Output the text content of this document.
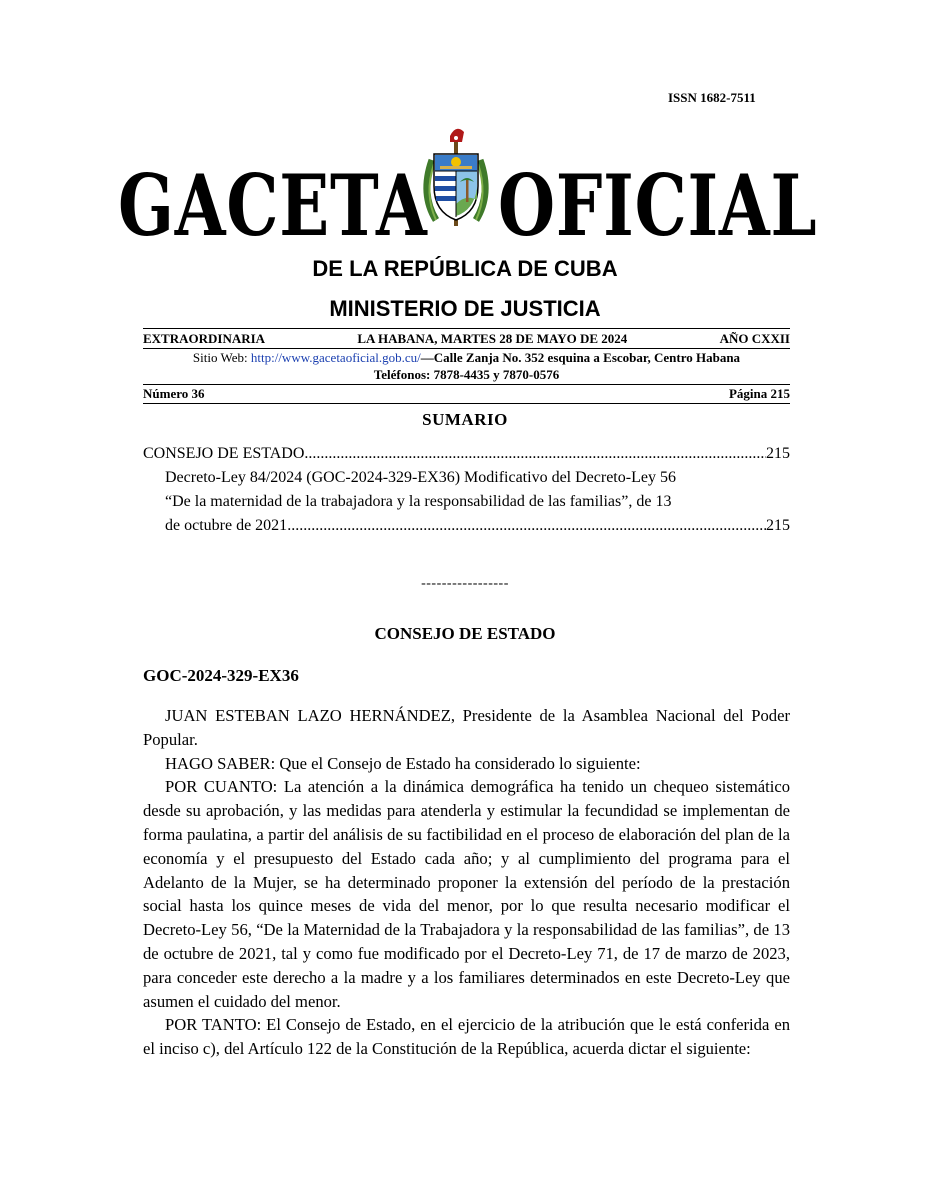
ISSN 1682-7511
GACETA OFICIAL
DE LA REPÚBLICA DE CUBA
MINISTERIO DE JUSTICIA
EXTRAORDINARIA	LA HABANA, MARTES 28 DE MAYO DE 2024	AÑO CXXII
Sitio Web: http://www.gacetaoficial.gob.cu/—Calle Zanja No. 352 esquina a Escobar, Centro Habana
Teléfonos: 7878-4435 y 7870-0576
Número 36	Página 215
SUMARIO
CONSEJO DE ESTADO .....	215
Decreto-Ley 84/2024 (GOC-2024-329-EX36) Modificativo del Decreto-Ley 56
“De la maternidad de la trabajadora y la responsabilidad de las familias”, de 13
de octubre de 2021 .....	215
-----------------
CONSEJO DE ESTADO
GOC-2024-329-EX36

JUAN ESTEBAN LAZO HERNÁNDEZ, Presidente de la Asamblea Nacional del Poder Popular.

HAGO SABER: Que el Consejo de Estado ha considerado lo siguiente:

POR CUANTO: La atención a la dinámica demográfica ha tenido un chequeo sistemático desde su aprobación, y las medidas para atenderla y estimular la fecundidad se implementan de forma paulatina, a partir del análisis de su factibilidad en el proceso de elaboración del plan de la economía y el presupuesto del Estado cada año; y al cumplimiento del programa para el Adelanto de la Mujer, se ha determinado proponer la extensión del período de la prestación social hasta los quince meses de vida del menor, por lo que resulta necesario modificar el Decreto-Ley 56, “De la Maternidad de la Trabajadora y la responsabilidad de las familias”, de 13 de octubre de 2021, tal y como fue modificado por el Decreto-Ley 71, de 17 de marzo de 2023, para conceder este derecho a la madre y a los familiares determinados en este Decreto-Ley que asumen el cuidado del menor.

POR TANTO: El Consejo de Estado, en el ejercicio de la atribución que le está conferida en el inciso c), del Artículo 122 de la Constitución de la República, acuerda dictar el siguiente:
